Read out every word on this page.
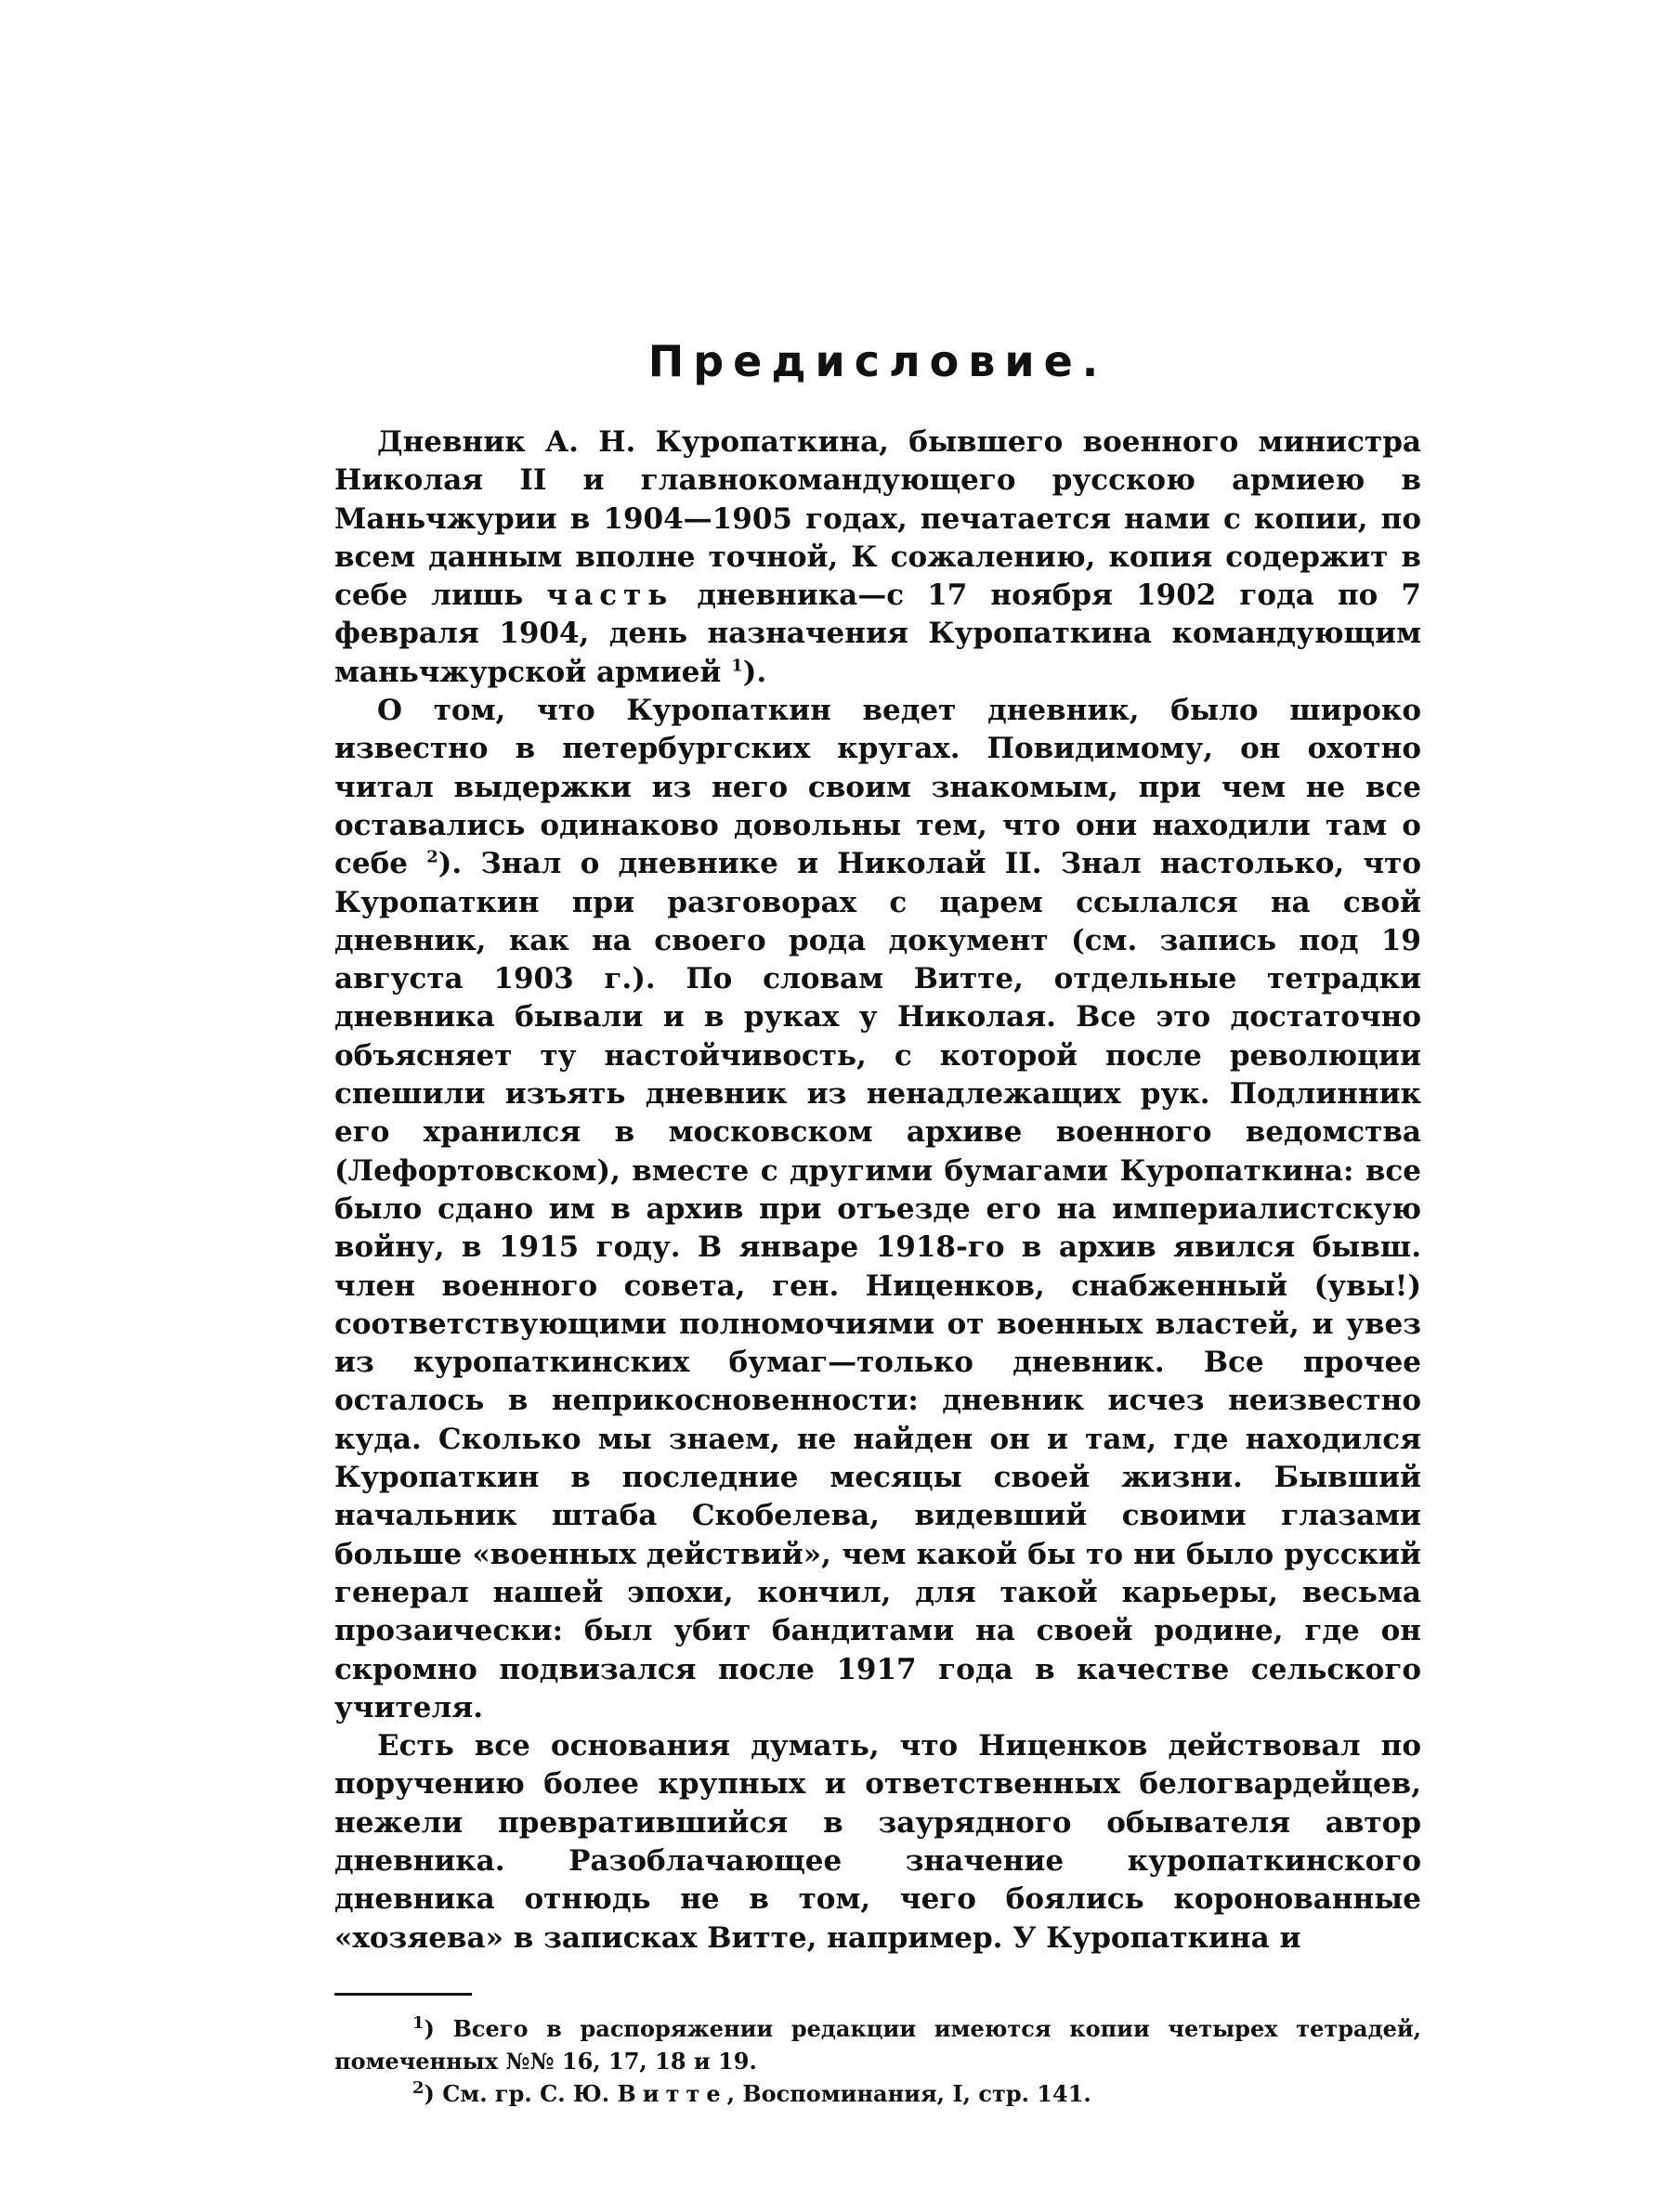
Предисловие.

Дневник А. Н. Куропаткина, бывшего военного министра Николая II и главнокомандующего русскою армиею в Маньчжурии в 1904—1905 годах, печатается нами с копии, по всем данным вполне точной, К сожалению, копия содержит в себе лишь часть дневника—с 17 ноября 1902 года по 7 февраля 1904, день назначения Куропаткина командующим маньчжурской армией $^1$).

О том, что Куропаткин ведет дневник, было широко известно в петербургских кругах. Повидимому, он охотно читал выдержки из него своим знакомым, при чем не все оставались одинаково довольны тем, что они находили там о себе $^2$). Знал о дневнике и Николай II. Знал настолько, что Куропаткин при разговорах с царем ссылался на свой дневник, как на своего рода документ (см. запись под 19 августа 1903 г.). По словам Витте, отдельные тетрадки дневника бывали и в руках у Николая. Все это достаточно объясняет ту настойчивость, с которой после революции спешили изъять дневник из ненадлежащих рук. Подлинник его хранился в московском архиве военного ведомства (Лефортовском), вместе с другими бумагами Куропаткина: все было сдано им в архив при отъезде его на империалистскую войну, в 1915 году. В январе 1918-го в архив явился бывш. член военного совета, ген. Ниценков, снабженный (увы!) соответствующими полномочиями от военных властей, и увез из куропаткинских бумаг—только дневник. Все прочее осталось в неприкосновенности: дневник исчез неизвестно куда. Сколько мы знаем, не найден он и там, где находился Куропаткин в последние месяцы своей жизни. Бывший начальник штаба Скобелева, видевший своими глазами больше «военных действий», чем какой бы то ни было русский генерал нашей эпохи, кончил, для такой карьеры, весьма прозаически: был убит бандитами на своей родине, где он скромно подвизался после 1917 года в качестве сельского учителя.

Есть все основания думать, что Ниценков действовал по поручению более крупных и ответственных белогвардейцев, нежели превратившийся в заурядного обывателя автор дневника. Разоблачающее значение куропаткинского дневника отнюдь не в том, чего боялись коронованные «хозяева» в записках Витте, например. У Куропаткина и

$^1$) Всего в распоряжении редакции имеются копии четырех тетрадей, помеченных №№ 16, 17, 18 и 19.

$^2$) См. гр. С. Ю. Витте, Воспоминания, I, стр. 141.
